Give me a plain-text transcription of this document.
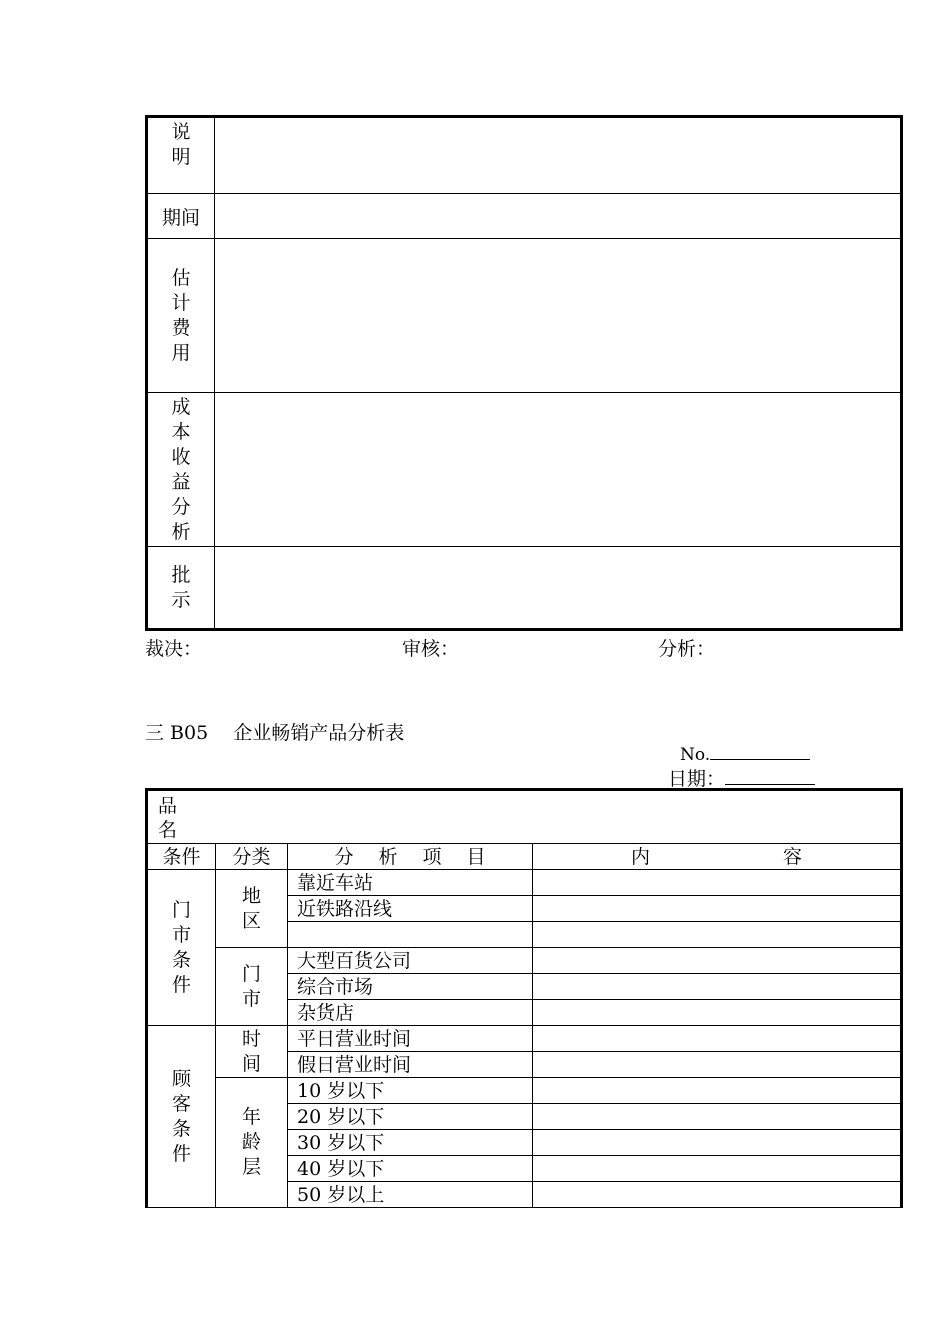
说明	
期间	
估计费用	
成本收益分析	
批示	
裁决：	审核：	分析：
三 B05　 企业畅销产品分析表
No.
日期：
品名			
条件	分类	分　 析　 项　 目	内　　　　　　　容
门市条件	地区	靠近车站	
		近铁路沿线	

	门市	大型百货公司	
		综合市场	
		杂货店	
顾客条件	时间	平日营业时间	
		假日营业时间	
	年龄层	10 岁以下	
		20 岁以下	
		30 岁以下	
		40 岁以下	
		50 岁以上	
